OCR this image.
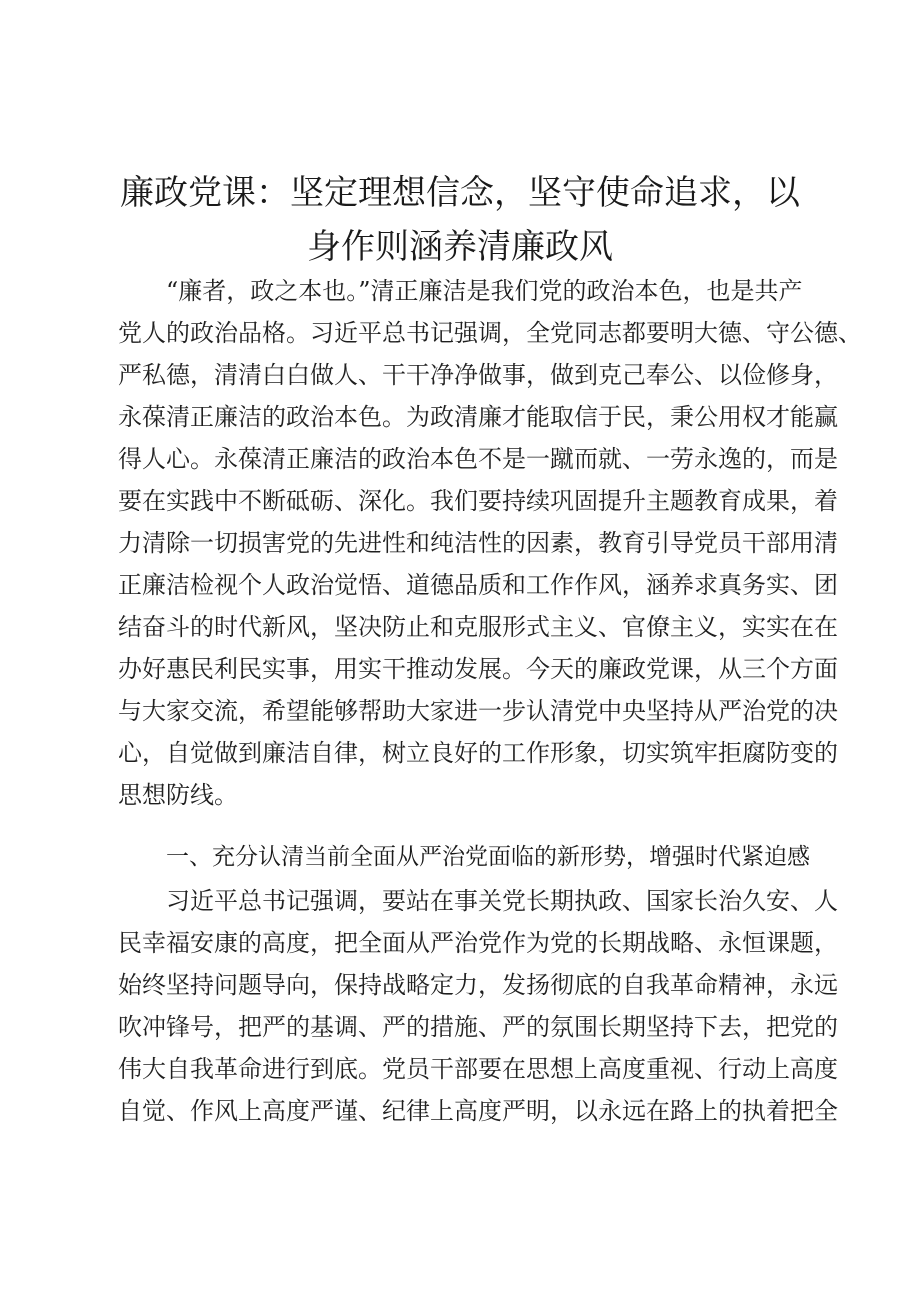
廉政党课：坚定理想信念，坚守使命追求，以
身作则涵养清廉政风
“廉者，政之本也。”清正廉洁是我们党的政治本色，也是共产
党人的政治品格。习近平总书记强调，全党同志都要明大德、守公德、
严私德，清清白白做人、干干净净做事，做到克己奉公、以俭修身，
永葆清正廉洁的政治本色。为政清廉才能取信于民，秉公用权才能赢
得人心。永葆清正廉洁的政治本色不是一蹴而就、一劳永逸的，而是
要在实践中不断砥砺、深化。我们要持续巩固提升主题教育成果，着
力清除一切损害党的先进性和纯洁性的因素，教育引导党员干部用清
正廉洁检视个人政治觉悟、道德品质和工作作风，涵养求真务实、团
结奋斗的时代新风，坚决防止和克服形式主义、官僚主义，实实在在
办好惠民利民实事，用实干推动发展。今天的廉政党课，从三个方面
与大家交流，希望能够帮助大家进一步认清党中央坚持从严治党的决
心，自觉做到廉洁自律，树立良好的工作形象，切实筑牢拒腐防变的
思想防线。
一、充分认清当前全面从严治党面临的新形势，增强时代紧迫感
习近平总书记强调，要站在事关党长期执政、国家长治久安、人
民幸福安康的高度，把全面从严治党作为党的长期战略、永恒课题，
始终坚持问题导向，保持战略定力，发扬彻底的自我革命精神，永远
吹冲锋号，把严的基调、严的措施、严的氛围长期坚持下去，把党的
伟大自我革命进行到底。党员干部要在思想上高度重视、行动上高度
自觉、作风上高度严谨、纪律上高度严明，以永远在路上的执着把全
